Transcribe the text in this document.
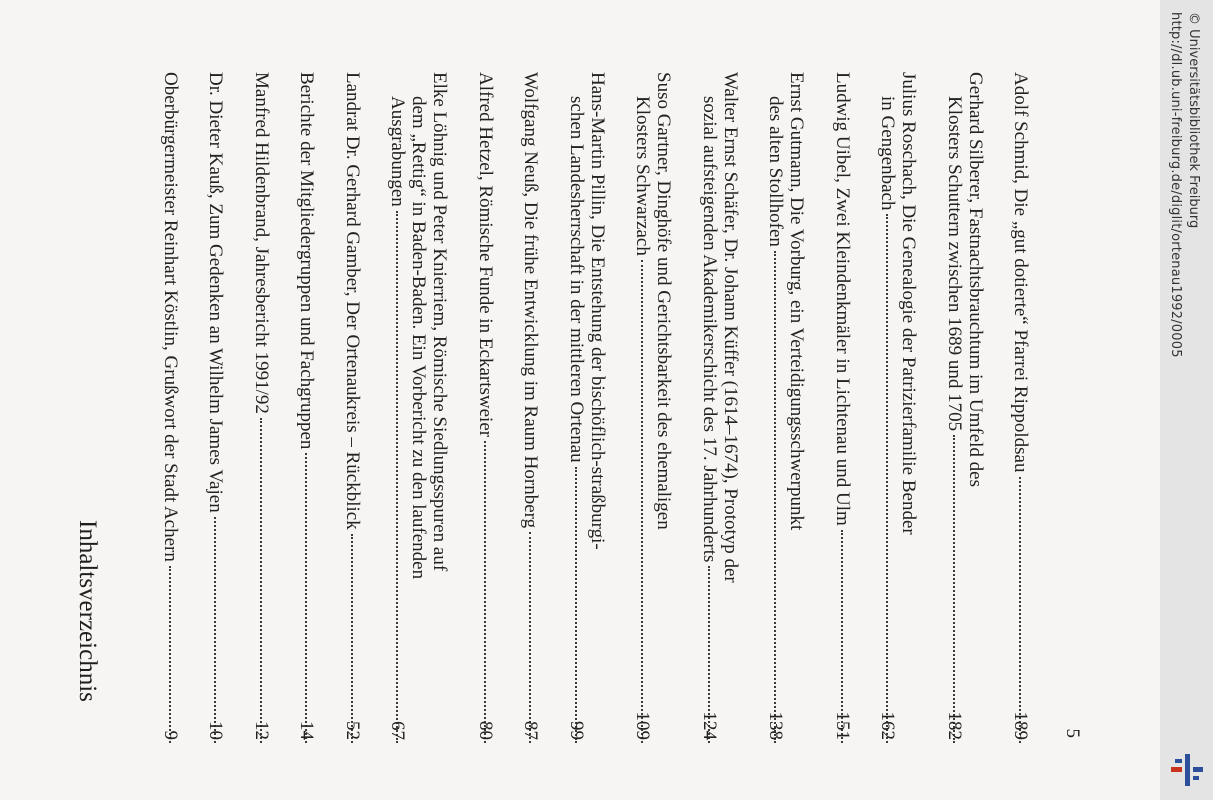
Inhaltsverzeichnis
Oberbürgermeister Reinhart Köstlin, Grußwort der Stadt Achern
9
Dr. Dieter Kauß, Zum Gedenken an Wilhelm James Vajen
10
Manfred Hildenbrand, Jahresbericht 1991/92
12
Berichte der Mitgliedergruppen und Fachgruppen
14
Landrat Dr. Gerhard Gamber, Der Ortenaukreis – Rückblick
52
Elke Löhnig und Peter Knierriem, Römische Siedlungsspuren auf
dem „Rettig“ in Baden-Baden. Ein Vorbericht zu den laufenden
Ausgrabungen
67
Alfred Hetzel, Römische Funde in Eckartsweier
80
Wolfgang Neuß, Die frühe Entwicklung im Raum Hornberg
87
Hans-Martin Pillin, Die Entstehung der bischöflich-straßburgi-
schen Landesherrschaft in der mittleren Ortenau
99
Suso Gartner, Dinghöfe und Gerichtsbarkeit des ehemaligen
Klosters Schwarzach
109
Walter Ernst Schäfer, Dr. Johann Küffer (1614–1674), Prototyp der
sozial aufsteigenden Akademikerschicht des 17. Jahrhunderts
124
Ernst Gutmann, Die Vorburg, ein Verteidigungsschwerpunkt
des alten Stollhofen
138
Ludwig Uibel, Zwei Kleindenkmäler in Lichtenau und Ulm
151
Julius Roschach, Die Genealogie der Patrizierfamilie Bender
in Gengenbach
162
Gerhard Silberer, Fastnachtsbrauchtum im Umfeld des
Klosters Schuttern zwischen 1689 und 1705
182
Adolf Schmid, Die „gut dotierte“ Pfarrei Rippoldsau
189 5
http://dl.ub.uni-freiburg.de/diglit/ortenau1992/0005 © Universitätsbibliothek Freiburg
